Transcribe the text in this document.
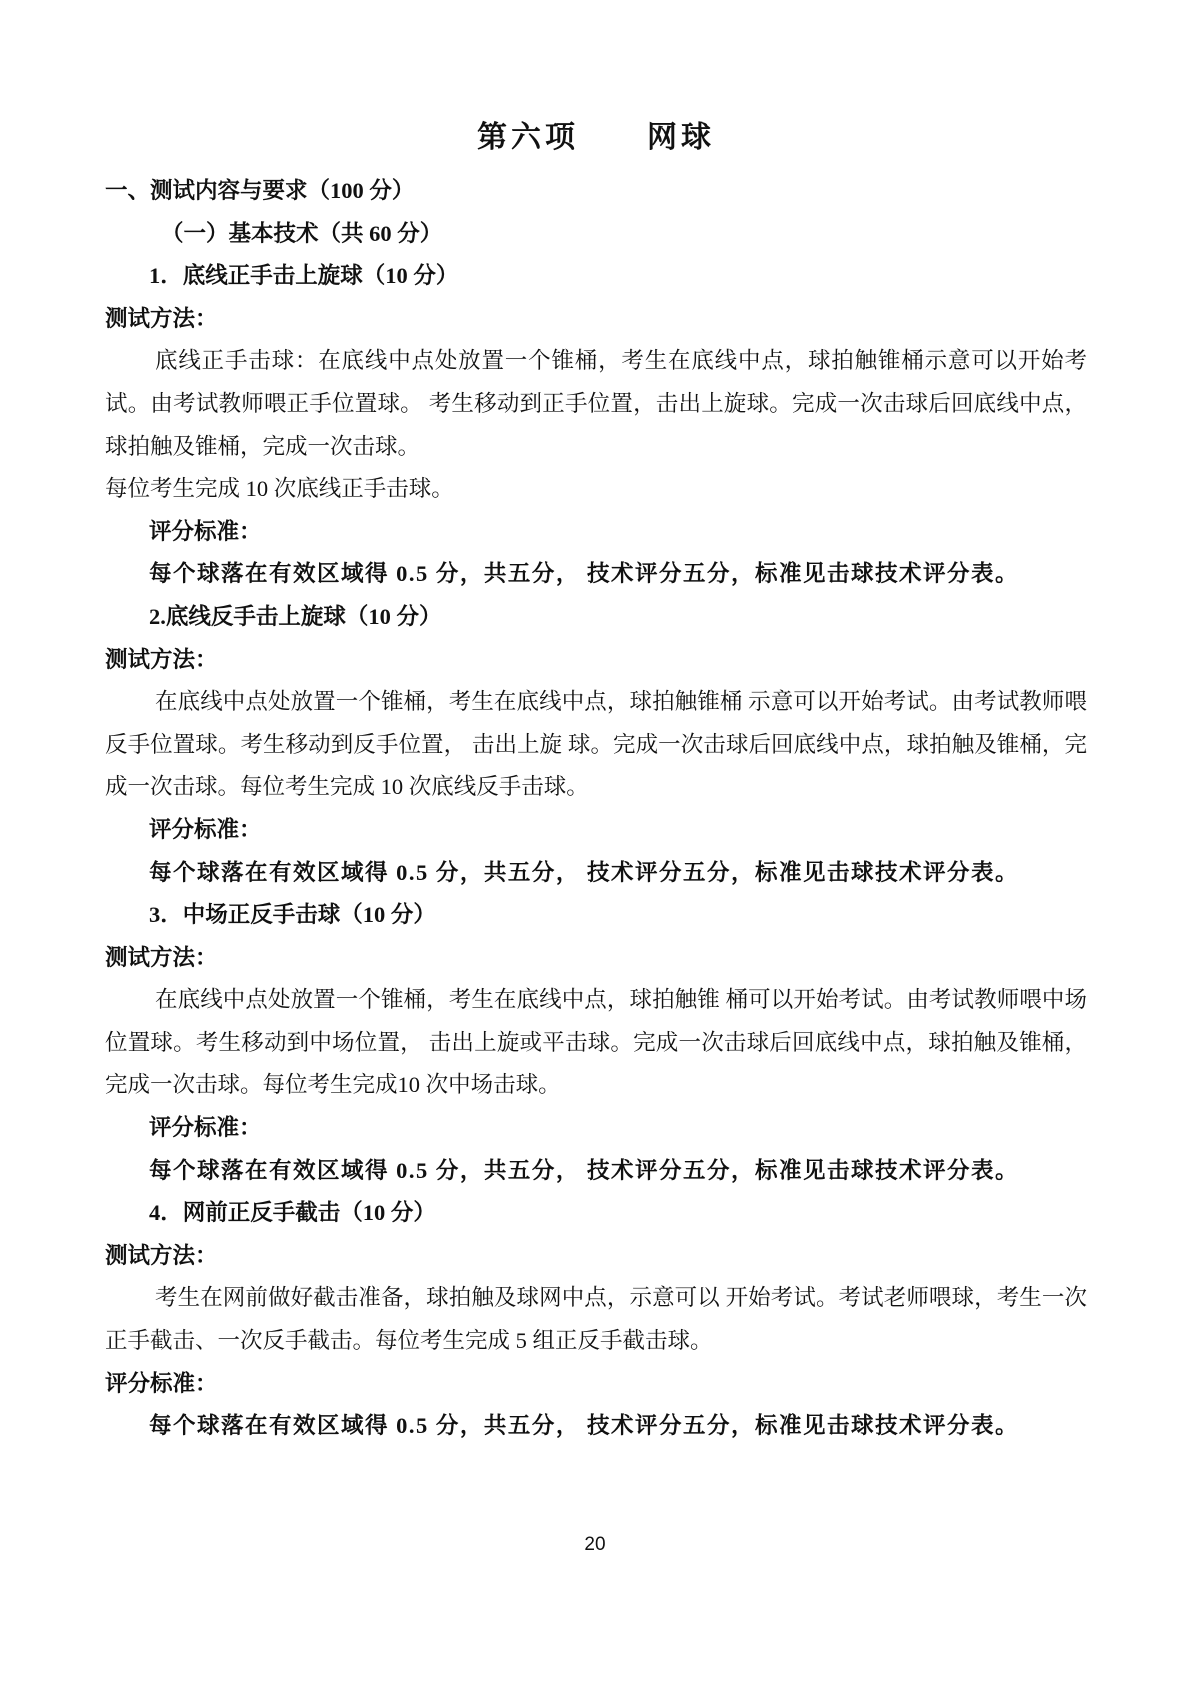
第六项　　网球
一、测试内容与要求（100 分）
（一）基本技术（共 60 分）
1．底线正手击上旋球（10 分）
测试方法：
底线正手击球：在底线中点处放置一个锥桶，考生在底线中点，球拍触锥桶示意可以开始考试。由考试教师喂正手位置球。 考生移动到正手位置，击出上旋球。完成一次击球后回底线中点，球拍触及锥桶，完成一次击球。
每位考生完成 10 次底线正手击球。
评分标准：
每个球落在有效区域得 0.5 分，共五分， 技术评分五分，标准见击球技术评分表。
2.底线反手击上旋球（10 分）
测试方法：
在底线中点处放置一个锥桶，考生在底线中点，球拍触锥桶 示意可以开始考试。由考试教师喂反手位置球。考生移动到反手位置， 击出上旋 球。完成一次击球后回底线中点，球拍触及锥桶，完成一次击球。每位考生完成 10 次底线反手击球。
评分标准：
每个球落在有效区域得 0.5 分，共五分， 技术评分五分，标准见击球技术评分表。
3．中场正反手击球（10 分）
测试方法：
在底线中点处放置一个锥桶，考生在底线中点，球拍触锥 桶可以开始考试。由考试教师喂中场位置球。考生移动到中场位置， 击出上旋或平击球。完成一次击球后回底线中点，球拍触及锥桶，完成一次击球。每位考生完成10 次中场击球。
评分标准：
每个球落在有效区域得 0.5 分，共五分， 技术评分五分，标准见击球技术评分表。
4．网前正反手截击（10 分）
测试方法：
考生在网前做好截击准备，球拍触及球网中点，示意可以 开始考试。考试老师喂球，考生一次正手截击、一次反手截击。每位考生完成 5 组正反手截击球。
评分标准：
每个球落在有效区域得 0.5 分，共五分， 技术评分五分，标准见击球技术评分表。
20
